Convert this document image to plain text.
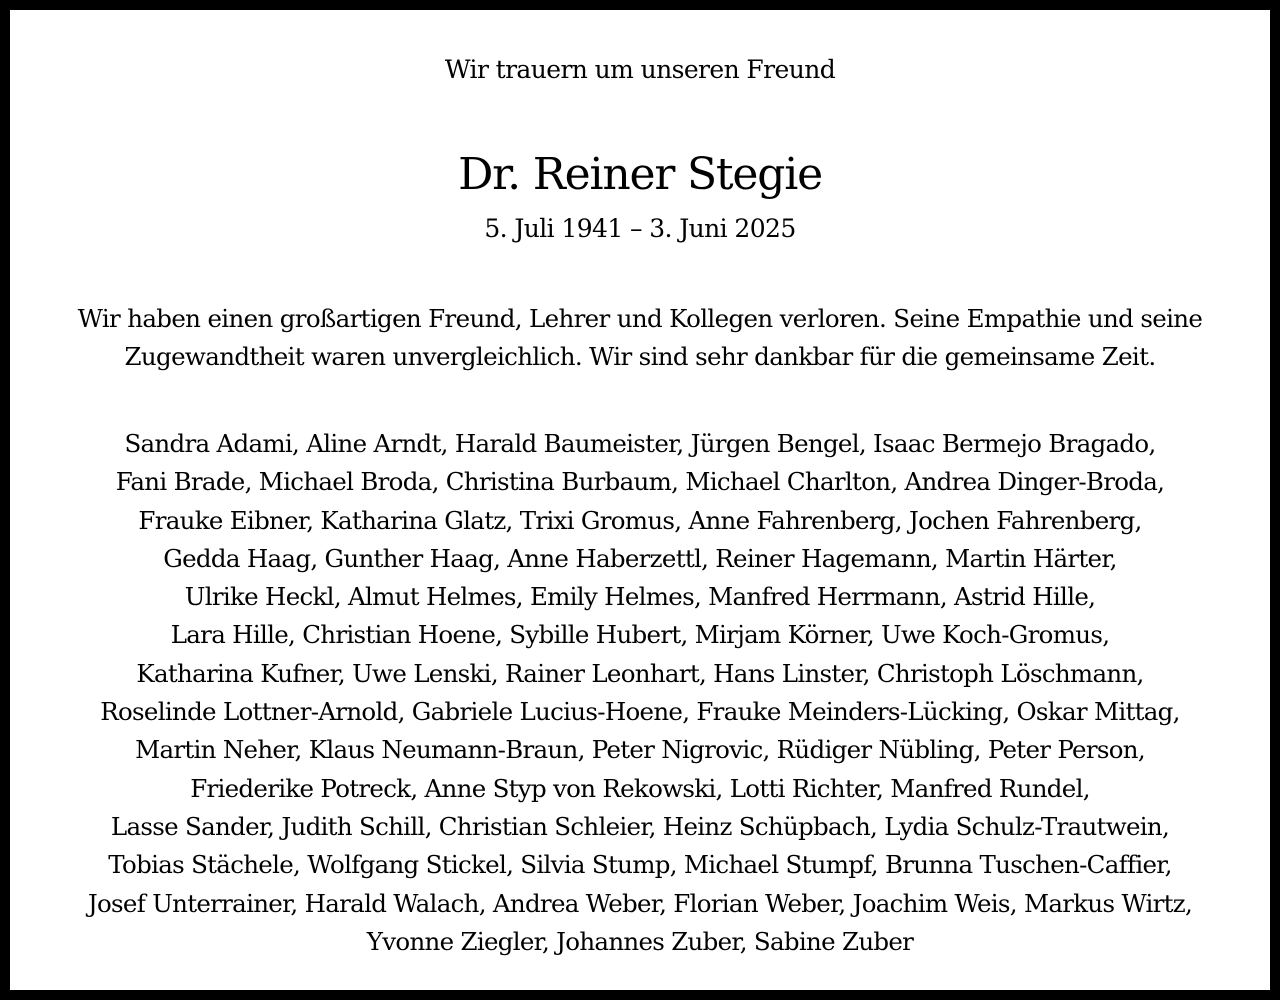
Wir trauern um unseren Freund
Dr. Reiner Stegie
5. Juli 1941 – 3. Juni 2025
Wir haben einen großartigen Freund, Lehrer und Kollegen verloren. Seine Empathie und seine
Zugewandtheit waren unvergleichlich. Wir sind sehr dankbar für die gemeinsame Zeit.
Sandra Adami, Aline Arndt, Harald Baumeister, Jürgen Bengel, Isaac Bermejo Bragado,
Fani Brade, Michael Broda, Christina Burbaum, Michael Charlton, Andrea Dinger-Broda,
Frauke Eibner, Katharina Glatz, Trixi Gromus, Anne Fahrenberg, Jochen Fahrenberg,
Gedda Haag, Gunther Haag, Anne Haberzettl, Reiner Hagemann, Martin Härter,
Ulrike Heckl, Almut Helmes, Emily Helmes, Manfred Herrmann, Astrid Hille,
Lara Hille, Christian Hoene, Sybille Hubert, Mirjam Körner, Uwe Koch-Gromus,
Katharina Kufner, Uwe Lenski, Rainer Leonhart, Hans Linster, Christoph Löschmann,
Roselinde Lottner-Arnold, Gabriele Lucius-Hoene, Frauke Meinders-Lücking, Oskar Mittag,
Martin Neher, Klaus Neumann-Braun, Peter Nigrovic, Rüdiger Nübling, Peter Person,
Friederike Potreck, Anne Styp von Rekowski, Lotti Richter, Manfred Rundel,
Lasse Sander, Judith Schill, Christian Schleier, Heinz Schüpbach, Lydia Schulz-Trautwein,
Tobias Stächele, Wolfgang Stickel, Silvia Stump, Michael Stumpf, Brunna Tuschen-Caffier,
Josef Unterrainer, Harald Walach, Andrea Weber, Florian Weber, Joachim Weis, Markus Wirtz,
Yvonne Ziegler, Johannes Zuber, Sabine Zuber
